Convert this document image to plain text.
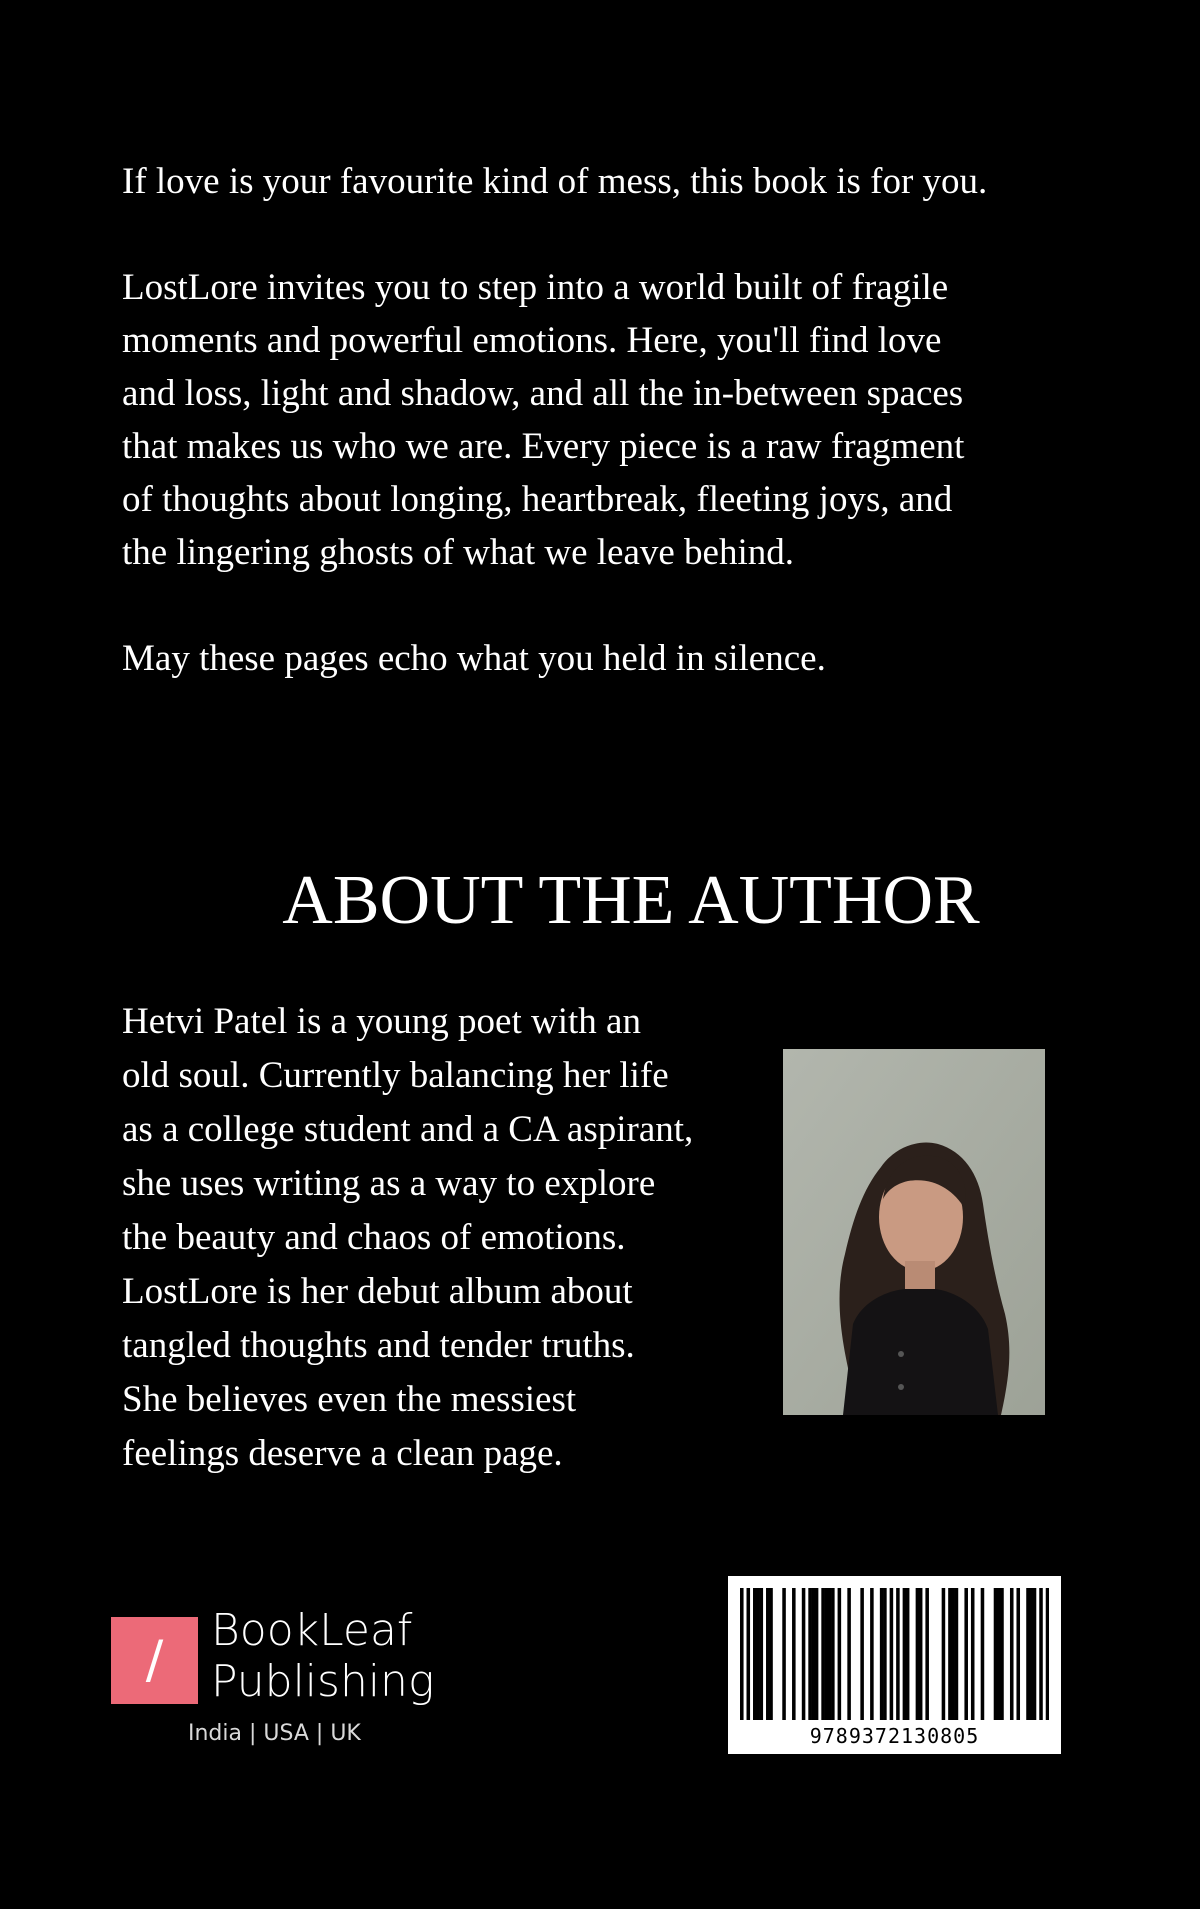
If love is your favourite kind of mess, this book is for you.

LostLore invites you to step into a world built of fragile moments and powerful emotions. Here, you'll find love and loss, light and shadow, and all the in-between spaces that makes us who we are. Every piece is a raw fragment of thoughts about longing, heartbreak, fleeting joys, and the lingering ghosts of what we leave behind.

May these pages echo what you held in silence.

ABOUT THE AUTHOR

Hetvi Patel is a young poet with an old soul. Currently balancing her life as a college student and a CA aspirant, she uses writing as a way to explore the beauty and chaos of emotions. LostLore is her debut album about tangled thoughts and tender truths. She believes even the messiest feelings deserve a clean page.

/	BookLeaf
Publishing
India | USA | UK	9789372130805
